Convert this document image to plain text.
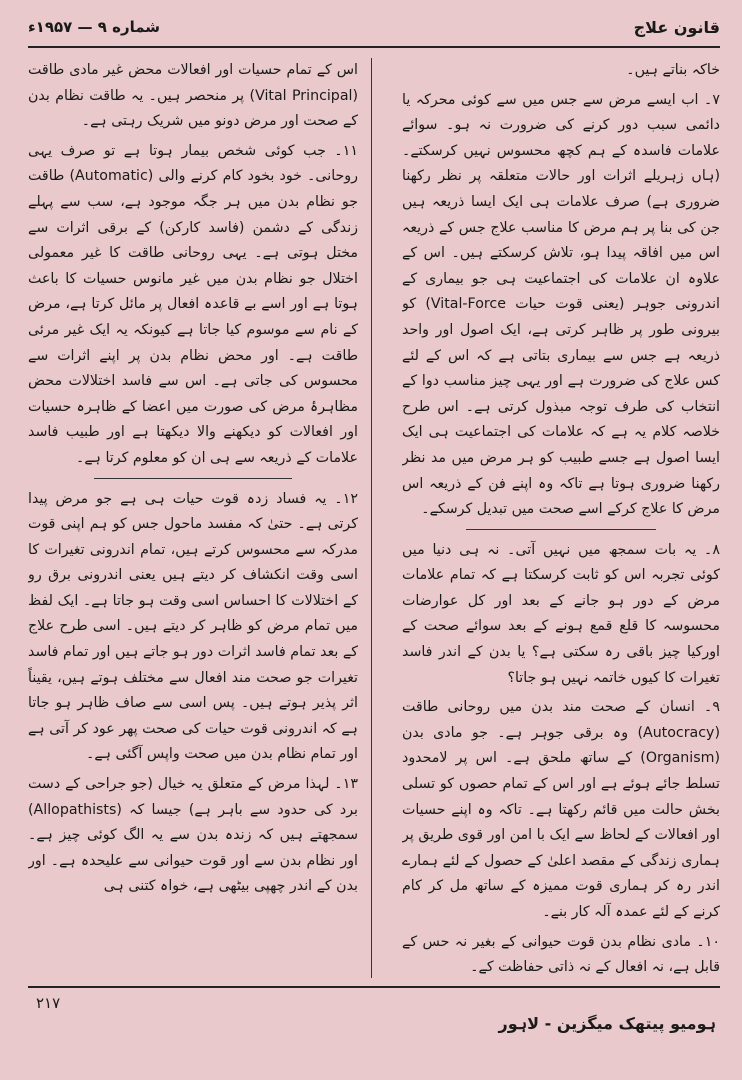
شماره ۹ — ۱۹۵۷ء	قانون علاج

خاکہ بناتے ہیں۔

۷۔ اب ایسے مرض سے جس میں سے کوئی محرکہ یا دائمی سبب دور کرنے کی ضرورت نہ ہو۔ سوائے علامات فاسدہ کے ہم کچھ محسوس نہیں کرسکتے۔ (ہاں زہریلے اثرات اور حالات متعلقہ پر نظر رکھنا ضروری ہے) صرف علامات ہی ایک ایسا ذریعہ ہیں جن کی بنا پر ہم مرض کا مناسب علاج جس کے ذریعہ اس میں افاقہ پیدا ہو، تلاش کرسکتے ہیں۔ اس کے علاوہ ان علامات کی اجتماعیت ہی جو بیماری کے اندرونی جوہر (یعنی قوت حیات Vital-Force) کو بیرونی طور پر ظاہر کرتی ہے، ایک اصول اور واحد ذریعہ ہے جس سے بیماری بتاتی ہے کہ اس کے لئے کس علاج کی ضرورت ہے اور یہی چیز مناسب دوا کے انتخاب کی طرف توجہ مبذول کرتی ہے۔ اس طرح خلاصہ کلام یہ ہے کہ علامات کی اجتماعیت ہی ایک ایسا اصول ہے جسے طبیب کو ہر مرض میں مد نظر رکھنا ضروری ہوتا ہے تاکہ وہ اپنے فن کے ذریعہ اس مرض کا علاج کرکے اسے صحت میں تبدیل کرسکے۔

۸۔ یہ بات سمجھ میں نہیں آتی۔ نہ ہی دنیا میں کوئی تجربہ اس کو ثابت کرسکتا ہے کہ تمام علامات مرض کے دور ہو جانے کے بعد اور کل عوارضات محسوسہ کا قلع قمع ہونے کے بعد سوائے صحت کے اورکیا چیز باقی رہ سکتی ہے؟ یا بدن کے اندر فاسد تغیرات کا کیوں خاتمہ نہیں ہو جاتا؟

۹۔ انسان کے صحت مند بدن میں روحانی طاقت (Autocracy) وہ برقی جوہر ہے۔ جو مادی بدن (Organism) کے ساتھ ملحق ہے۔ اس پر لامحدود تسلط جائے ہوئے ہے اور اس کے تمام حصوں کو تسلی بخش حالت میں قائم رکھتا ہے۔ تاکہ وہ اپنے حسیات اور افعالات کے لحاظ سے ایک با امن اور قوی طریق پر ہماری زندگی کے مقصد اعلیٰ کے حصول کے لئے ہمارے اندر رہ کر ہماری قوت ممیزہ کے ساتھ مل کر کام کرنے کے لئے عمدہ آلہ کار بنے۔

۱۰۔ مادی نظام بدن قوت حیوانی کے بغیر نہ حس کے قابل ہے، نہ افعال کے نہ ذاتی حفاظت کے۔

اس کے تمام حسیات اور افعالات محض غیر مادی طاقت (Vital Principal) پر منحصر ہیں۔ یہ طاقت نظام بدن کے صحت اور مرض دونو میں شریک رہتی ہے۔

۱۱۔ جب کوئی شخص بیمار ہوتا ہے تو صرف یہی روحانی۔ خود بخود کام کرنے والی (Automatic) طاقت جو نظام بدن میں ہر جگہ موجود ہے، سب سے پہلے زندگی کے دشمن (فاسد کارکن) کے برقی اثرات سے مختل ہوتی ہے۔ یہی روحانی طاقت کا غیر معمولی اختلال جو نظام بدن میں غیر مانوس حسیات کا باعث ہوتا ہے اور اسے بے قاعدہ افعال پر مائل کرتا ہے، مرض کے نام سے موسوم کیا جاتا ہے کیونکہ یہ ایک غیر مرئی طاقت ہے۔ اور محض نظام بدن پر اپنے اثرات سے محسوس کی جاتی ہے۔ اس سے فاسد اختلالات محض مظاہرۂ مرض کی صورت میں اعضا کے ظاہرہ حسیات اور افعالات کو دیکھنے والا دیکھتا ہے اور طبیب فاسد علامات کے ذریعہ سے ہی ان کو معلوم کرتا ہے۔

۱۲۔ یہ فساد زدہ قوت حیات ہی ہے جو مرض پیدا کرتی ہے۔ حتیٰ کہ مفسد ماحول جس کو ہم اپنی قوت مدرکہ سے محسوس کرتے ہیں، تمام اندرونی تغیرات کا اسی وقت انکشاف کر دیتے ہیں یعنی اندرونی برق رو کے اختلالات کا احساس اسی وقت ہو جاتا ہے۔ ایک لفظ میں تمام مرض کو ظاہر کر دیتے ہیں۔ اسی طرح علاج کے بعد تمام فاسد اثرات دور ہو جاتے ہیں اور تمام فاسد تغیرات جو صحت مند افعال سے مختلف ہوتے ہیں، یقیناً اثر پذیر ہوتے ہیں۔ پس اسی سے صاف ظاہر ہو جاتا ہے کہ اندرونی قوت حیات کی صحت پھر عود کر آتی ہے اور تمام نظام بدن میں صحت واپس آگئی ہے۔

۱۳۔ لہذا مرض کے متعلق یہ خیال (جو جراحی کے دست برد کی حدود سے باہر ہے) جیسا کہ (Allopathists) سمجھتے ہیں کہ زندہ بدن سے یہ الگ کوئی چیز ہے۔ اور نظام بدن سے اور قوت حیوانی سے علیحدہ ہے۔ اور بدن کے اندر چھپی بیٹھی ہے، خواہ کتنی ہی

۲۱۷
ہومیو پیتھک میگزین - لاہور
